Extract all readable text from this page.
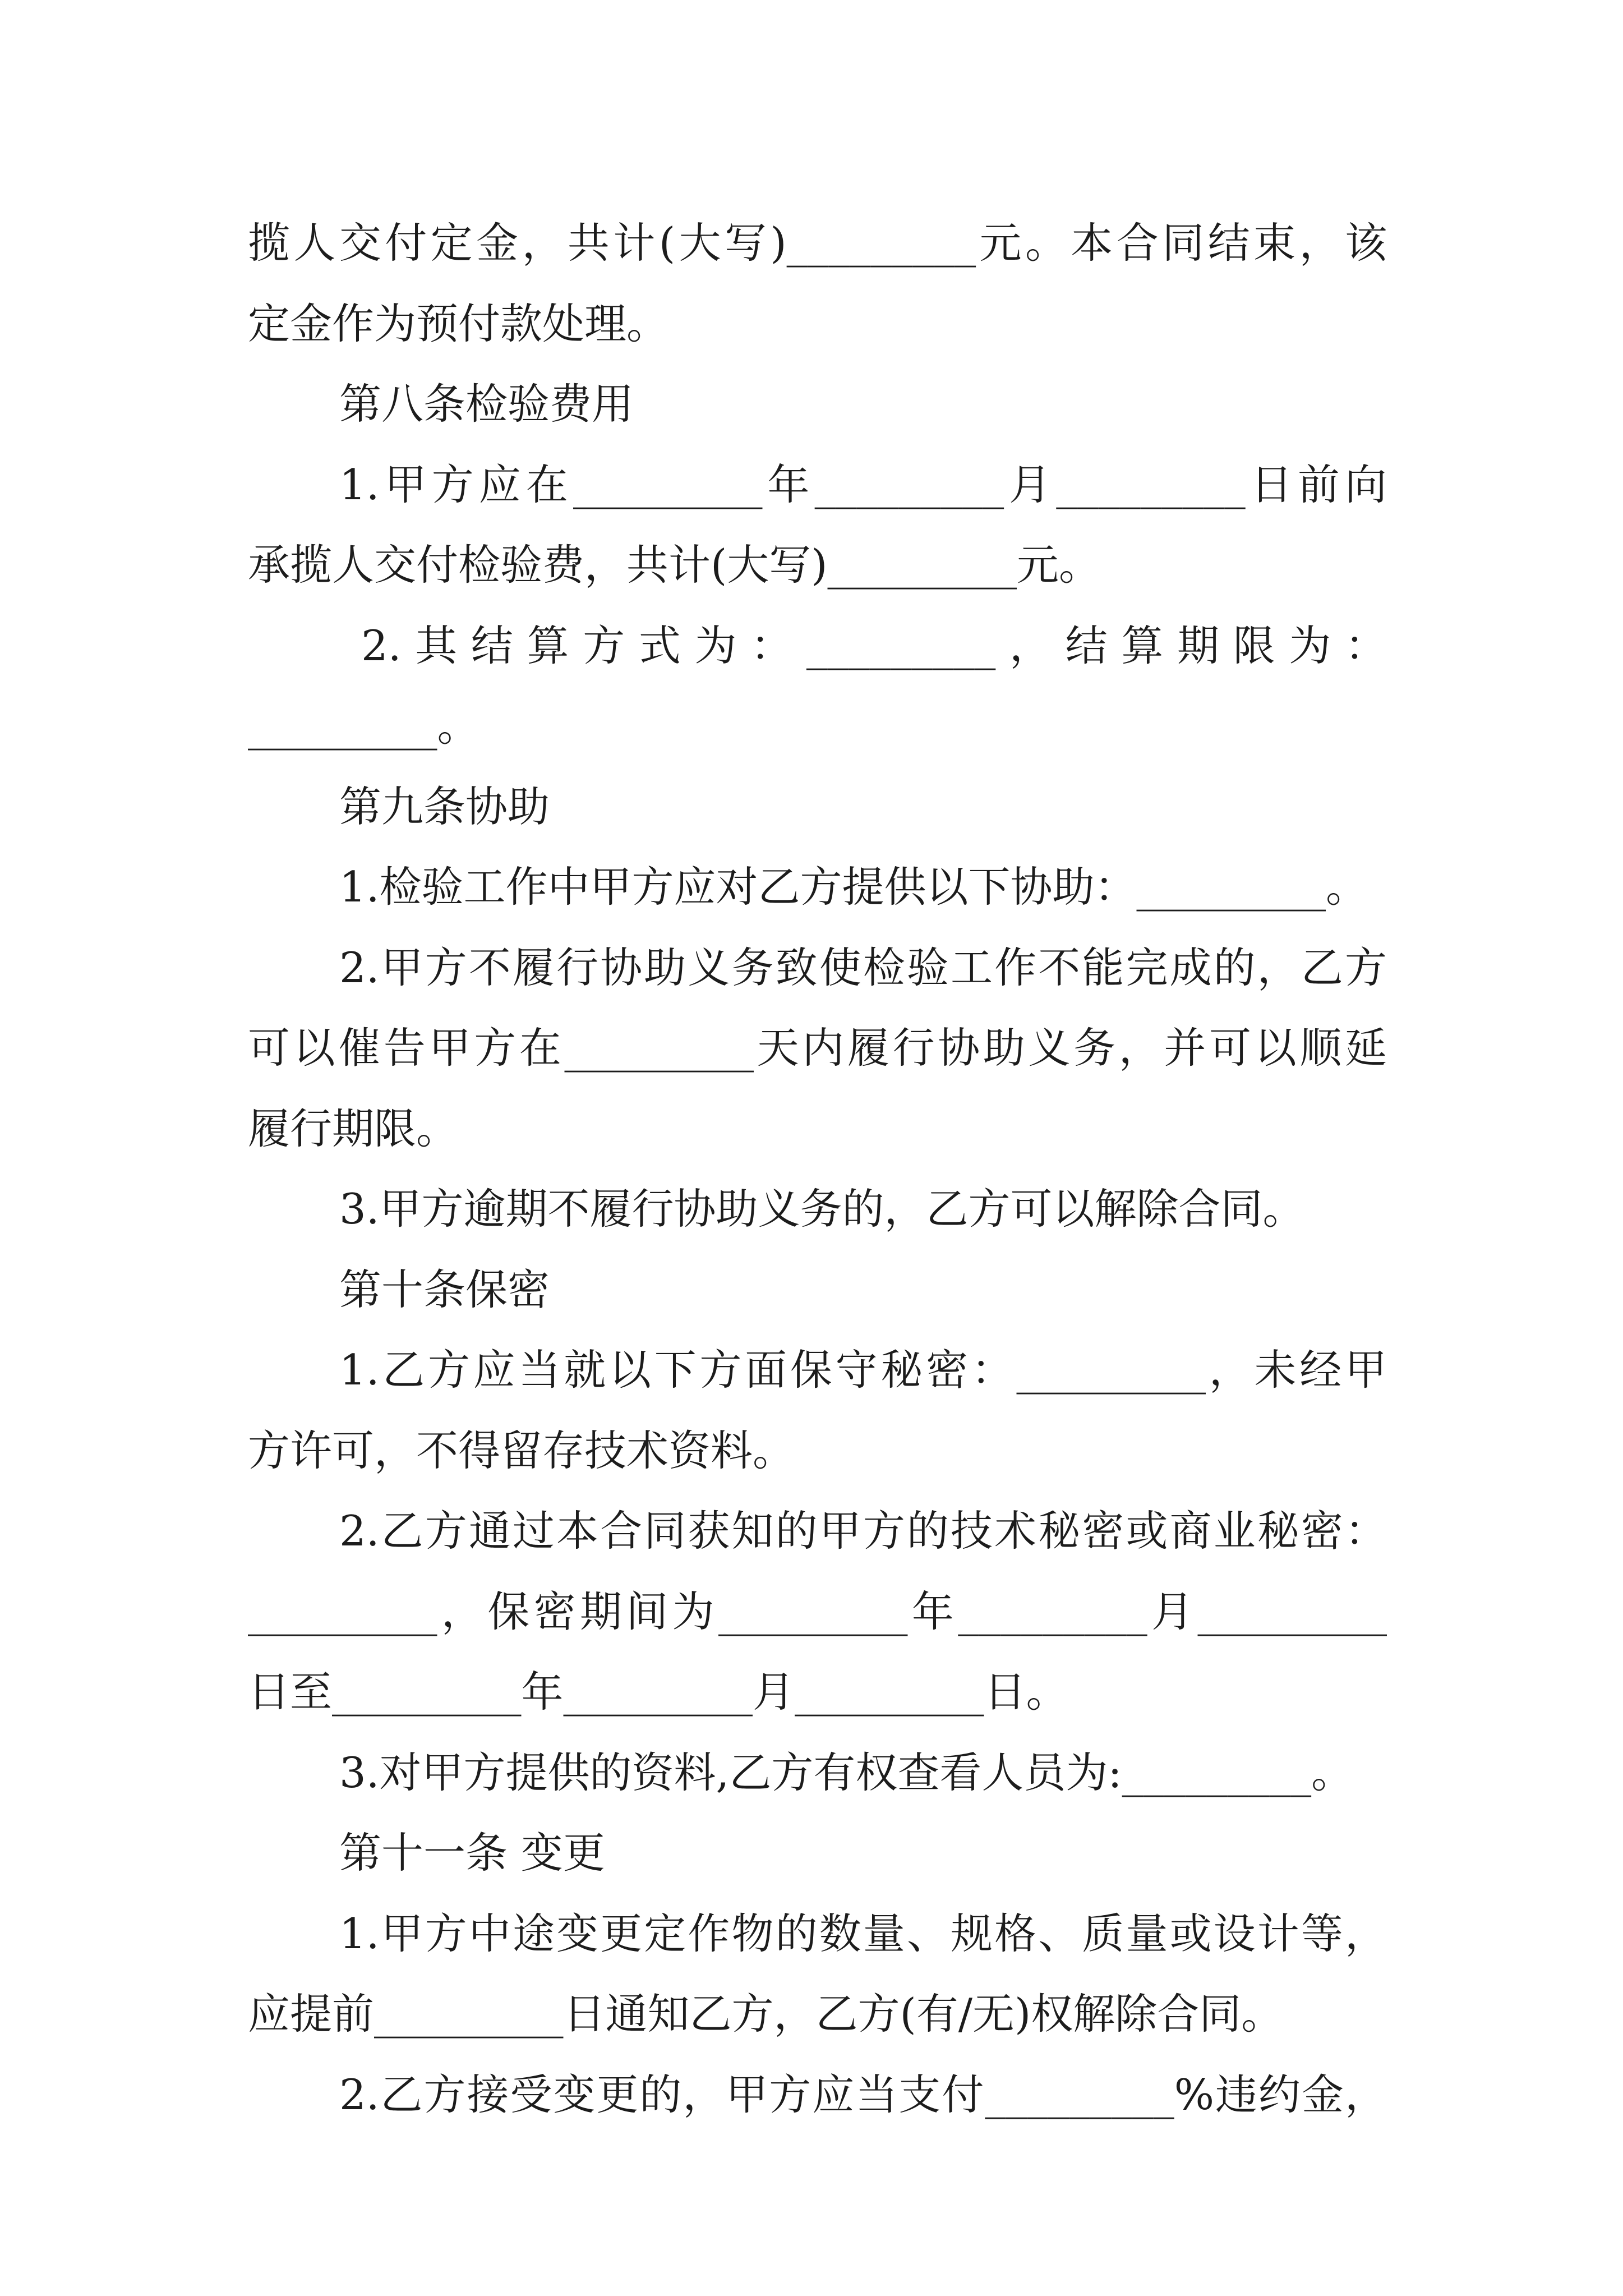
揽人交付定金，共计(大写)_________元。本合同结束，该
定金作为预付款处理。
第八条检验费用
1.甲方应在_________年_________月_________日前向
承揽人交付检验费，共计(大写)_________元。
2.其结算方式为：_________，结算期限为：
_________。
第九条协助
1.检验工作中甲方应对乙方提供以下协助：_________。
2.甲方不履行协助义务致使检验工作不能完成的，乙方
可以催告甲方在_________天内履行协助义务，并可以顺延
履行期限。
3.甲方逾期不履行协助义务的，乙方可以解除合同。
第十条保密
1.乙方应当就以下方面保守秘密：_________，未经甲
方许可，不得留存技术资料。
2.乙方通过本合同获知的甲方的技术秘密或商业秘密：
_________，保密期间为_________年_________月_________
日至_________年_________月_________日。
3.对甲方提供的资料,乙方有权查看人员为:_________。
第十一条 变更
1.甲方中途变更定作物的数量、规格、质量或设计等，
应提前_________日通知乙方，乙方(有/无)权解除合同。
2.乙方接受变更的，甲方应当支付_________%违约金，
